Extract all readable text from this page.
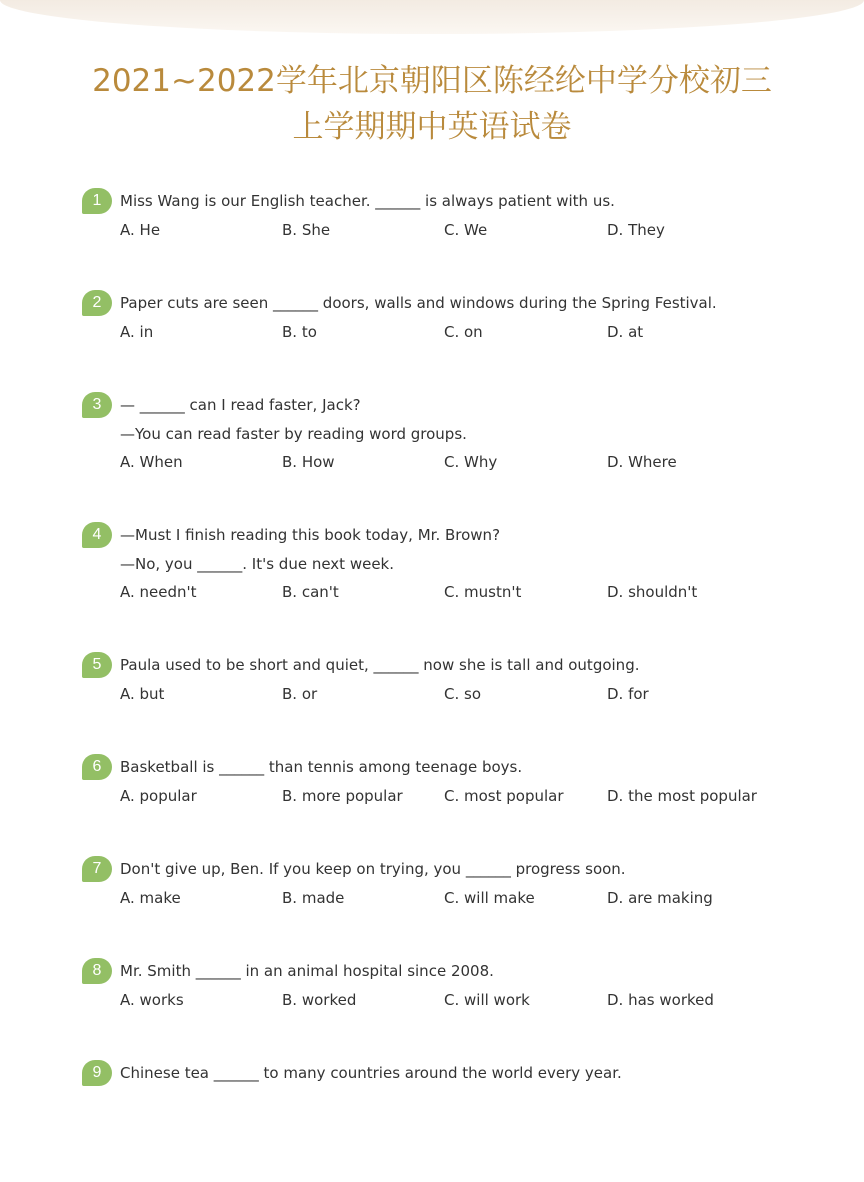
2021~2022学年北京朝阳区陈经纶中学分校初三
上学期期中英语试卷
1	Miss Wang is our English teacher. ______ is always patient with us.
A. He	B. She	C. We	D. They
2	Paper cuts are seen ______ doors, walls and windows during the Spring Festival.
A. in	B. to	C. on	D. at
3	— ______ can I read faster, Jack?
—You can read faster by reading word groups.
A. When	B. How	C. Why	D. Where
4	—Must I finish reading this book today, Mr. Brown?
—No, you ______. It's due next week.
A. needn't	B. can't	C. mustn't	D. shouldn't
5	Paula used to be short and quiet, ______ now she is tall and outgoing.
A. but	B. or	C. so	D. for
6	Basketball is ______ than tennis among teenage boys.
A. popular	B. more popular	C. most popular	D. the most popular
7	Don't give up, Ben. If you keep on trying, you ______ progress soon.
A. make	B. made	C. will make	D. are making
8	Mr. Smith ______ in an animal hospital since 2008.
A. works	B. worked	C. will work	D. has worked
9	Chinese tea ______ to many countries around the world every year.
